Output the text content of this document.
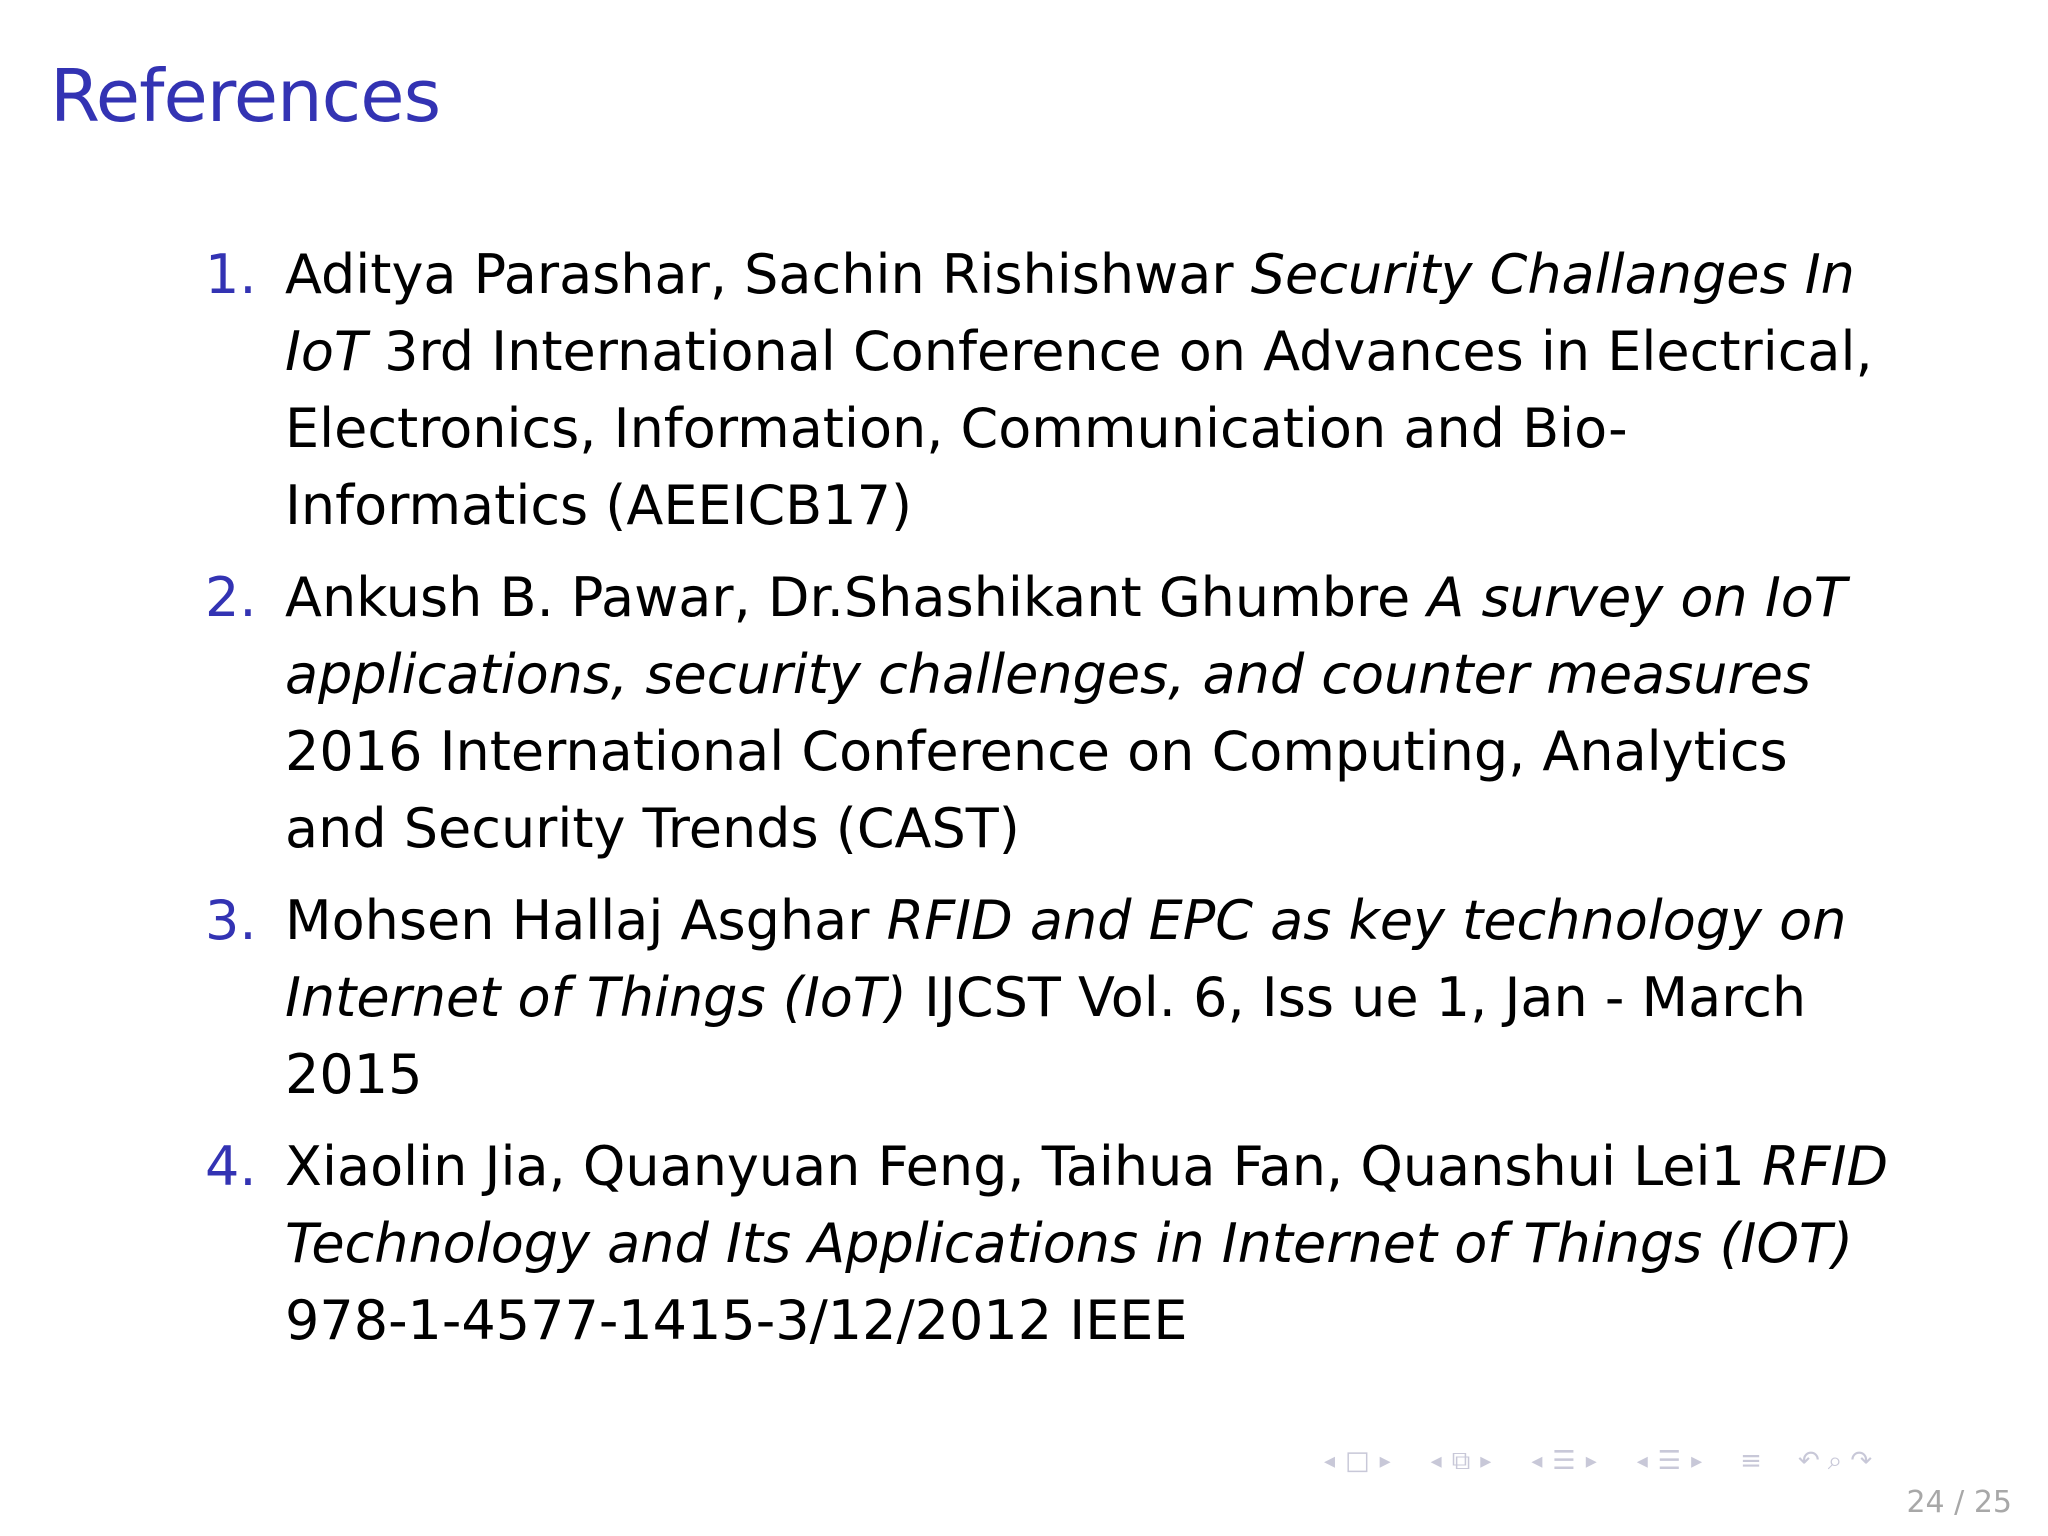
References
1. Aditya Parashar, Sachin Rishishwar Security Challanges In IoT 3rd International Conference on Advances in Electrical, Electronics, Information, Communication and Bio-Informatics (AEEICB17)
2. Ankush B. Pawar, Dr.Shashikant Ghumbre A survey on IoT applications, security challenges, and counter measures 2016 International Conference on Computing, Analytics and Security Trends (CAST)
3. Mohsen Hallaj Asghar RFID and EPC as key technology on Internet of Things (IoT) IJCST Vol. 6, Iss ue 1, Jan - March 2015
4. Xiaolin Jia, Quanyuan Feng, Taihua Fan, Quanshui Lei1 RFID Technology and Its Applications in Internet of Things (IOT) 978-1-4577-1415-3/12/2012 IEEE
◂ □ ▸ ◂ ⧉ ▸ ◂ ☰ ▸ ◂ ☰ ▸ ≡ ↶ ⌕ ↷
24 / 25
